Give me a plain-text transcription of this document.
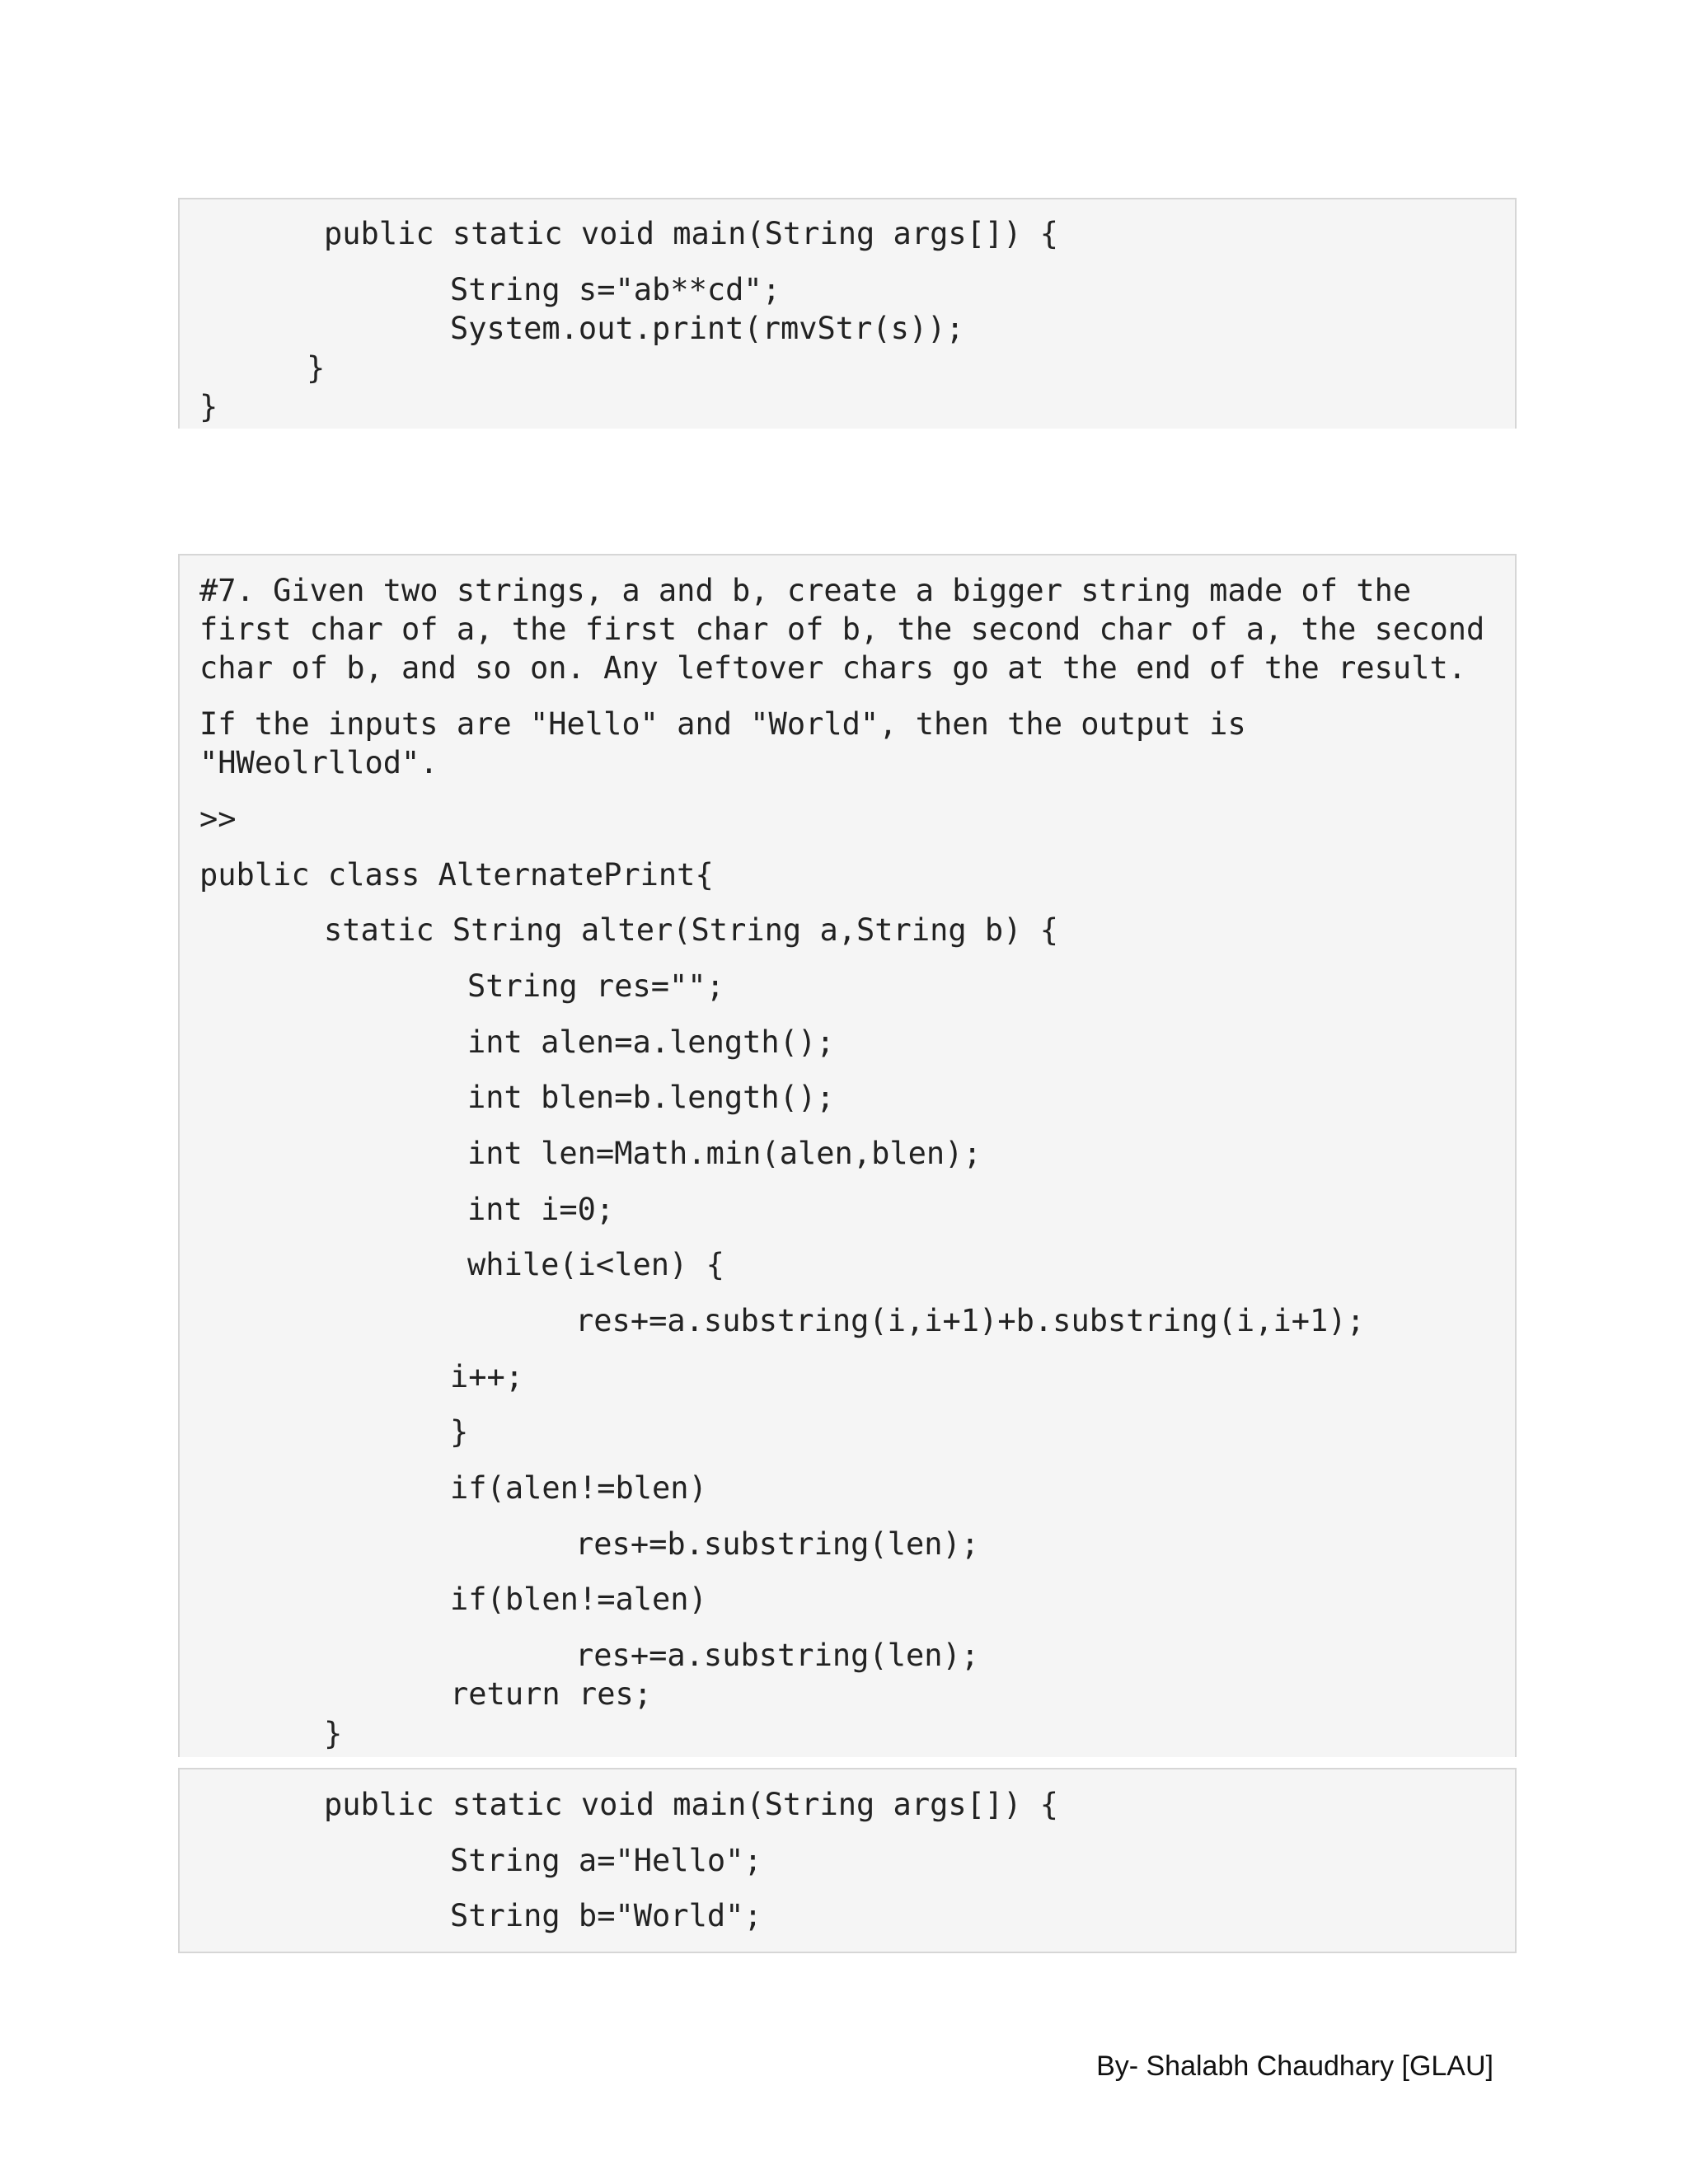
public static void main(String args[]) {
String s="ab**cd";
System.out.print(rmvStr(s));
}
}
#7. Given two strings, a and b, create a bigger string made of the
first char of a, the first char of b, the second char of a, the second
char of b, and so on. Any leftover chars go at the end of the result.
If the inputs are "Hello" and "World", then the output is
"HWeolrllod".
>>
public class AlternatePrint{
static String alter(String a,String b) {
String res="";
int alen=a.length();
int blen=b.length();
int len=Math.min(alen,blen);
int i=0;
while(i<len) {
res+=a.substring(i,i+1)+b.substring(i,i+1);
i++;
}
if(alen!=blen)
res+=b.substring(len);
if(blen!=alen)
res+=a.substring(len);
return res;
}
public static void main(String args[]) {
String a="Hello";
String b="World";
By- Shalabh Chaudhary [GLAU]
